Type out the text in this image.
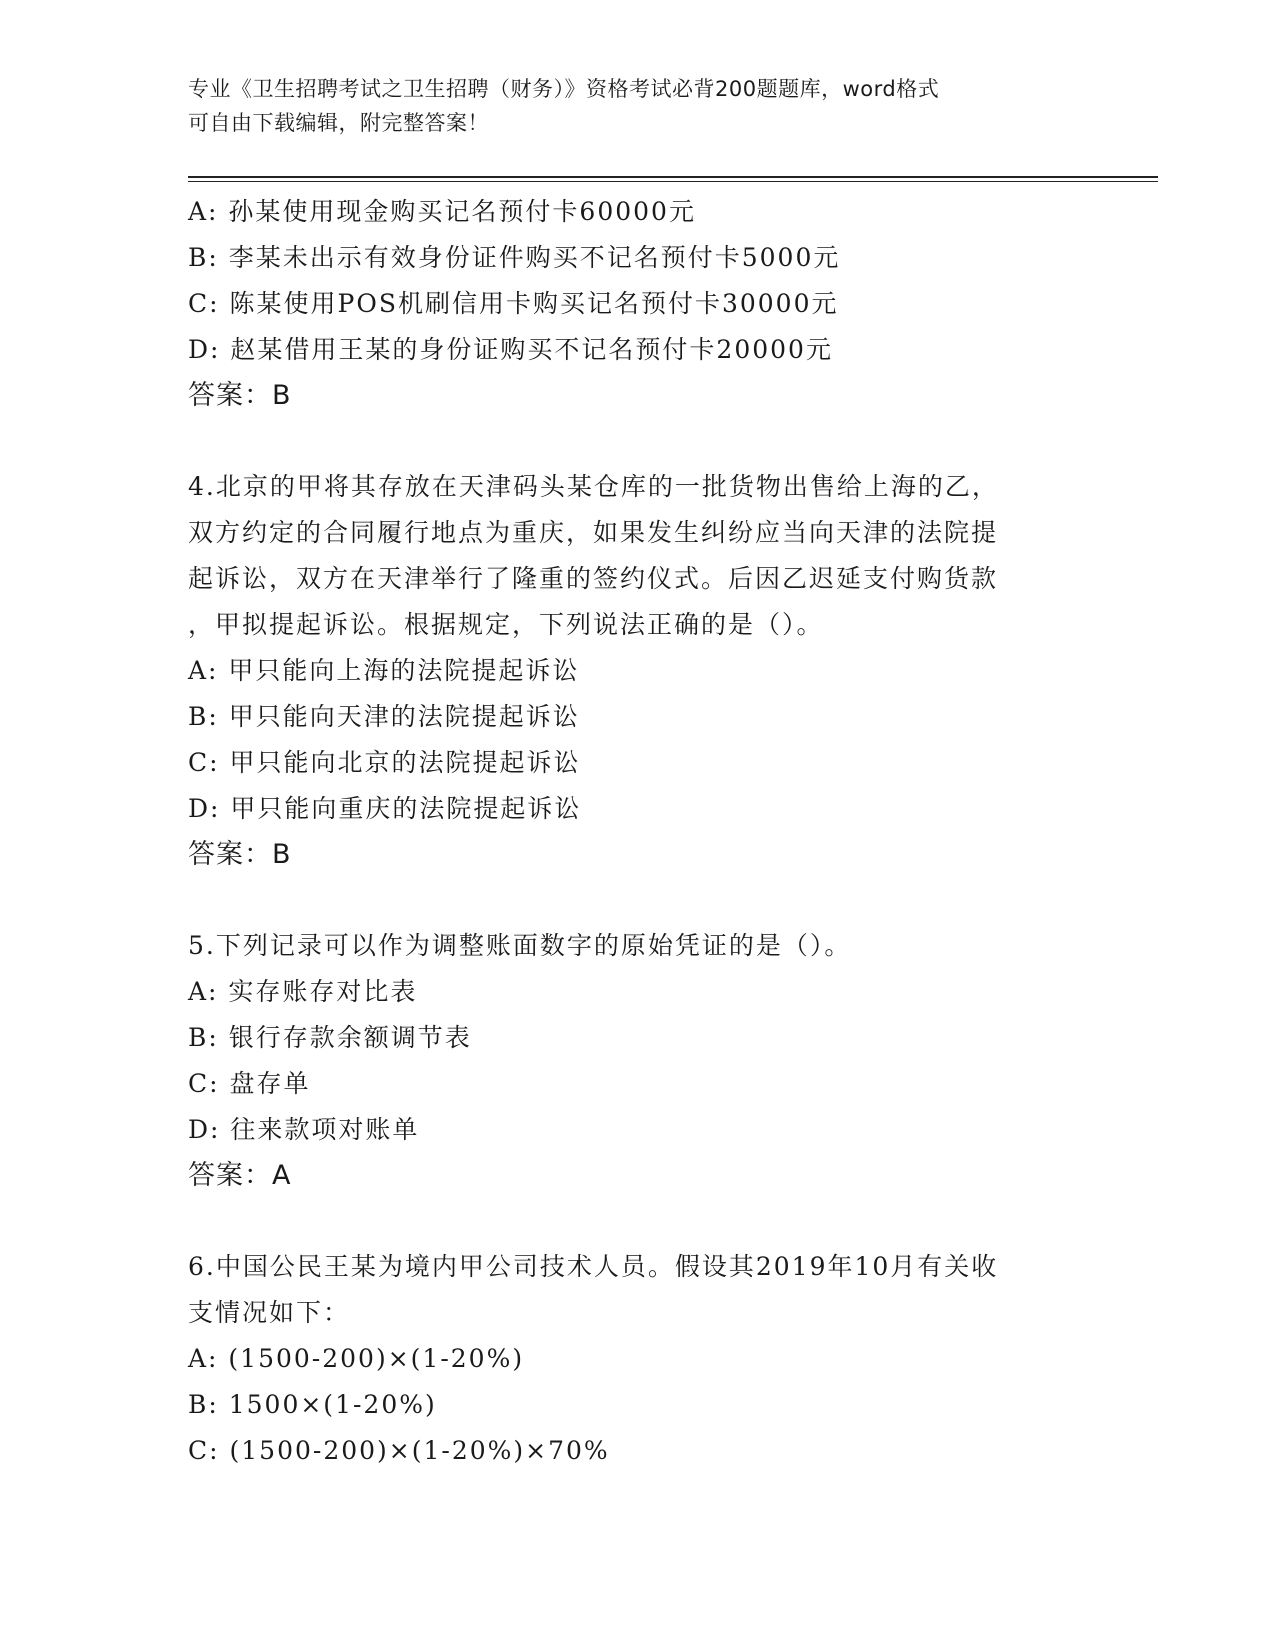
专业《卫生招聘考试之卫生招聘（财务）》资格考试必背200题题库，word格式
可自由下载编辑，附完整答案！
A: 孙某使用现金购买记名预付卡60000元
B: 李某未出示有效身份证件购买不记名预付卡5000元
C: 陈某使用POS机刷信用卡购买记名预付卡30000元
D: 赵某借用王某的身份证购买不记名预付卡20000元
答案：B
4.北京的甲将其存放在天津码头某仓库的一批货物出售给上海的乙，
双方约定的合同履行地点为重庆，如果发生纠纷应当向天津的法院提
起诉讼，双方在天津举行了隆重的签约仪式。后因乙迟延支付购货款
，甲拟提起诉讼。根据规定，下列说法正确的是（）。
A: 甲只能向上海的法院提起诉讼
B: 甲只能向天津的法院提起诉讼
C: 甲只能向北京的法院提起诉讼
D: 甲只能向重庆的法院提起诉讼
答案：B
5.下列记录可以作为调整账面数字的原始凭证的是（）。
A: 实存账存对比表
B: 银行存款余额调节表
C: 盘存单
D: 往来款项对账单
答案：A
6.中国公民王某为境内甲公司技术人员。假设其2019年10月有关收
支情况如下：
A: (1500-200)×(1-20%)
B: 1500×(1-20%)
C: (1500-200)×(1-20%)×70%
